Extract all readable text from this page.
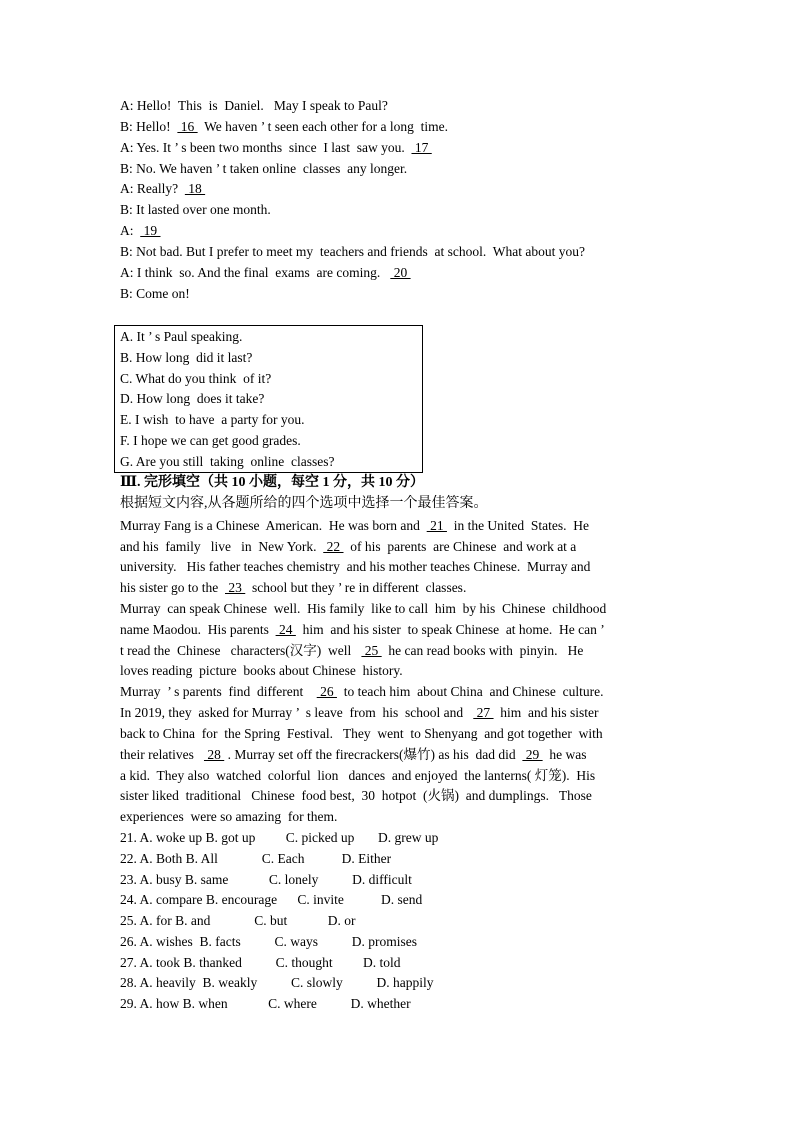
A: Hello!  This  is  Daniel.   May I speak to Paul?
B: Hello!   16   We haven ’ t seen each other for a long  time.
A: Yes. It ’ s been two months  since  I last  saw you.   17
B: No. We haven ’ t taken online  classes  any longer.
A: Really?   18
B: It lasted over one month.
A:   19
B: Not bad. But I prefer to meet my  teachers and friends  at school.  What about you?
A: I think  so. And the final  exams  are coming.    20
B: Come on!
A. It ’ s Paul speaking.
B. How long  did it last?
C. What do you think  of it?
D. How long  does it take?
E. I wish  to have  a party for you.
F. I hope we can get good grades.
G. Are you still  taking  online  classes?
Ⅲ. 完形填空（共 10 小题，每空 1 分，共 10 分）
根据短文内容,从各题所给的四个选项中选择一个最佳答案。
Murray Fang is a Chinese  American.  He was born and   21   in the United  States.  He
and his  family   live   in  New York.   22   of his  parents  are Chinese  and work at a
university.   His father teaches chemistry  and his mother teaches Chinese.  Murray and
his sister go to the   23   school but they ’ re in different  classes.
Murray  can speak Chinese  well.  His family  like to call  him  by his  Chinese  childhood
name Maodou.  His parents   24   him  and his sister  to speak Chinese  at home.  He can ’
t read the  Chinese   characters(汉字)  well    25   he can read books with  pinyin.   He
loves reading  picture  books about Chinese  history.
Murray  ’ s parents  find  different     26   to teach him  about China  and Chinese  culture.
In 2019, they  asked for Murray ’  s leave  from  his  school and    27   him  and his sister
back to China  for  the Spring  Festival.   They  went  to Shenyang  and got together  with
their relatives    28  . Murray set off the firecrackers(爆竹) as his  dad did   29   he was
a kid.  They also  watched  colorful  lion   dances  and enjoyed  the lanterns( 灯笼).  His
sister liked  traditional   Chinese  food best,  30  hotpot  (火锅)  and dumplings.   Those
experiences  were so amazing  for them.
21. A. woke up B. got up         C. picked up       D. grew up
22. A. Both B. All             C. Each           D. Either
23. A. busy B. same            C. lonely          D. difficult
24. A. compare B. encourage      C. invite           D. send
25. A. for B. and             C. but            D. or
26. A. wishes  B. facts          C. ways          D. promises
27. A. took B. thanked          C. thought         D. told
28. A. heavily  B. weakly          C. slowly          D. happily
29. A. how B. when            C. where          D. whether
